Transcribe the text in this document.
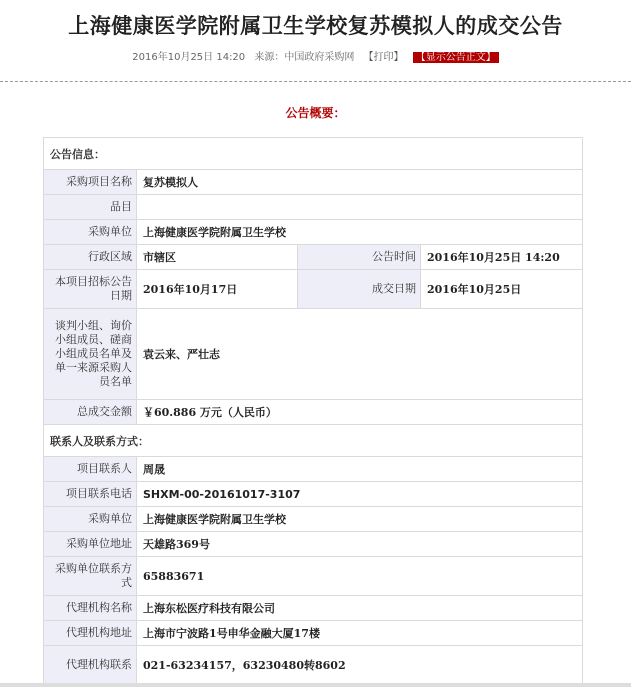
上海健康医学院附属卫生学校复苏模拟人的成交公告
2016年10月25日 14:20 来源：中国政府采购网 【打印】 【显示公告正文】
公告概要：
公告信息：			
采购项目名称	复苏模拟人		
品目			
采购单位	上海健康医学院附属卫生学校		
行政区域	市辖区	公告时间	2016年10月25日 14:20
本项目招标公告日期	2016年10月17日	成交日期	2016年10月25日
谈判小组、询价小组成员、磋商小组成员名单及单一来源采购人员名单	袁云来、严壮志		
总成交金额	￥60.886 万元（人民币）		
联系人及联系方式：			
项目联系人	周晟		
项目联系电话	SHXM-00-20161017-3107		
采购单位	上海健康医学院附属卫生学校		
采购单位地址	天雄路369号		
采购单位联系方式	65883671		
代理机构名称	上海东松医疗科技有限公司		
代理机构地址	上海市宁波路1号申华金融大厦17楼		
代理机构联系	021-63234157，63230480转8602		
